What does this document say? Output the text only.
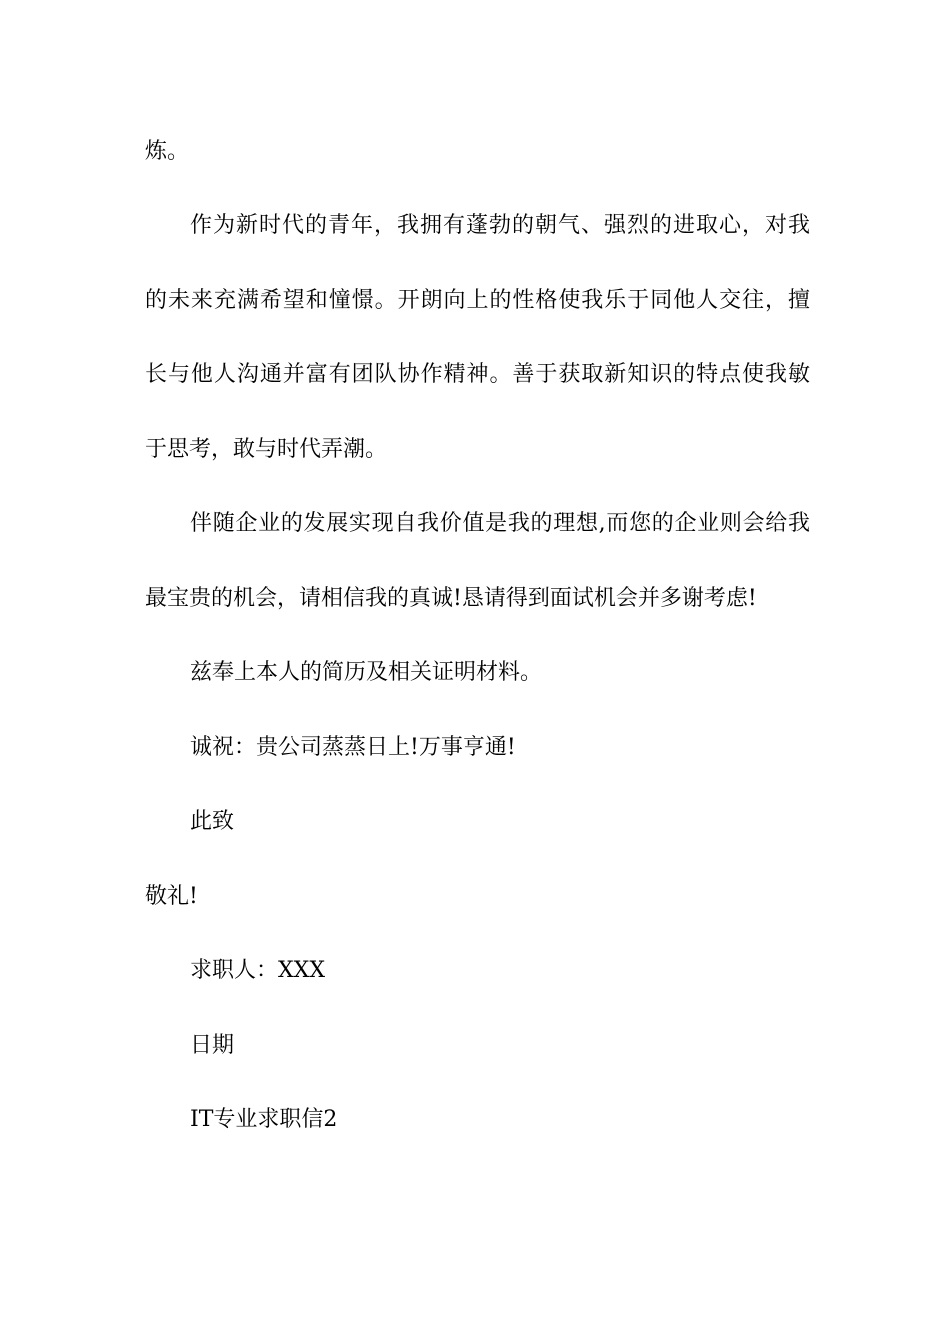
炼。
作为新时代的青年，我拥有蓬勃的朝气、强烈的进取心，对我
的未来充满希望和憧憬。开朗向上的性格使我乐于同他人交往，擅
长与他人沟通并富有团队协作精神。善于获取新知识的特点使我敏
于思考，敢与时代弄潮。
伴随企业的发展实现自我价值是我的理想,而您的企业则会给我
最宝贵的机会，请相信我的真诚!恳请得到面试机会并多谢考虑!
兹奉上本人的简历及相关证明材料。
诚祝：贵公司蒸蒸日上!万事亨通!
此致
敬礼!
求职人：XXX
日期
IT专业求职信2
